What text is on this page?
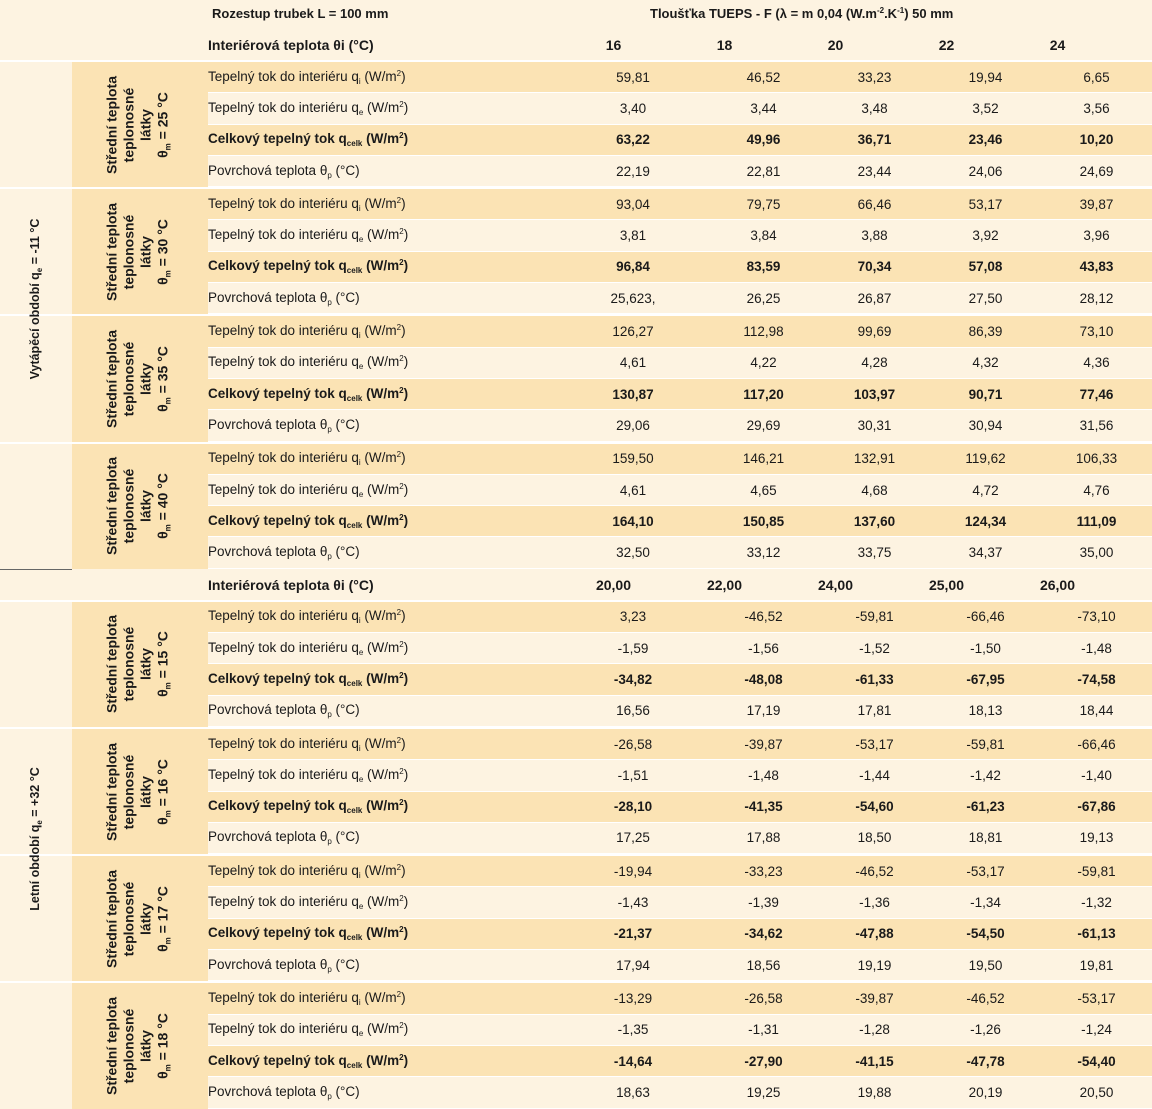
Rozestup trubek L = 100 mm	Tloušťka TUEPS - F (λ = m 0,04 $(W.m^{-2}.K^{-1})$ 50 mm
Vytápěcí období $q_e = -11$ °C
Interiérová teplota θi (°C)	16	18	20	22	24
Střední teplota teplonosné látky
$\theta_m = 25$ °C
Tepelný tok do interiéru $q_i$ $(W/m^2)$	59,81	46,52	33,23	19,94	6,65
Tepelný tok do interiéru $q_e$ $(W/m^2)$	3,40	3,44	3,48	3,52	3,56
Celkový tepelný tok $q_{celk}$ $(W/m^2)$	63,22	49,96	36,71	23,46	10,20
Povrchová teplota $\theta_p$ (°C)	22,19	22,81	23,44	24,06	24,69
Střední teplota teplonosné látky
$\theta_m = 30$ °C
Tepelný tok do interiéru $q_i$ $(W/m^2)$	93,04	79,75	66,46	53,17	39,87
Tepelný tok do interiéru $q_e$ $(W/m^2)$	3,81	3,84	3,88	3,92	3,96
Celkový tepelný tok $q_{celk}$ $(W/m^2)$	96,84	83,59	70,34	57,08	43,83
Povrchová teplota $\theta_p$ (°C)	25,623,	26,25	26,87	27,50	28,12
Střední teplota teplonosné látky
$\theta_m = 35$ °C
Tepelný tok do interiéru $q_i$ $(W/m^2)$	126,27	112,98	99,69	86,39	73,10
Tepelný tok do interiéru $q_e$ $(W/m^2)$	4,61	4,22	4,28	4,32	4,36
Celkový tepelný tok $q_{celk}$ $(W/m^2)$	130,87	117,20	103,97	90,71	77,46
Povrchová teplota $\theta_p$ (°C)	29,06	29,69	30,31	30,94	31,56
Střední teplota teplonosné látky
$\theta_m = 40$ °C
Tepelný tok do interiéru $q_i$ $(W/m^2)$	159,50	146,21	132,91	119,62	106,33
Tepelný tok do interiéru $q_e$ $(W/m^2)$	4,61	4,65	4,68	4,72	4,76
Celkový tepelný tok $q_{celk}$ $(W/m^2)$	164,10	150,85	137,60	124,34	111,09
Povrchová teplota $\theta_p$ (°C)	32,50	33,12	33,75	34,37	35,00
Letní období $q_e = +32$ °C
Interiérová teplota θi (°C)	20,00	22,00	24,00	25,00	26,00
Střední teplota teplonosné látky
$\theta_m = 15$ °C
Tepelný tok do interiéru $q_i$ $(W/m^2)$	3,23	-46,52	-59,81	-66,46	-73,10
Tepelný tok do interiéru $q_e$ $(W/m^2)$	-1,59	-1,56	-1,52	-1,50	-1,48
Celkový tepelný tok $q_{celk}$ $(W/m^2)$	-34,82	-48,08	-61,33	-67,95	-74,58
Povrchová teplota $\theta_p$ (°C)	16,56	17,19	17,81	18,13	18,44
Střední teplota teplonosné látky
$\theta_m = 16$ °C
Tepelný tok do interiéru $q_i$ $(W/m^2)$	-26,58	-39,87	-53,17	-59,81	-66,46
Tepelný tok do interiéru $q_e$ $(W/m^2)$	-1,51	-1,48	-1,44	-1,42	-1,40
Celkový tepelný tok $q_{celk}$ $(W/m^2)$	-28,10	-41,35	-54,60	-61,23	-67,86
Povrchová teplota $\theta_p$ (°C)	17,25	17,88	18,50	18,81	19,13
Střední teplota teplonosné látky
$\theta_m = 17$ °C
Tepelný tok do interiéru $q_i$ $(W/m^2)$	-19,94	-33,23	-46,52	-53,17	-59,81
Tepelný tok do interiéru $q_e$ $(W/m^2)$	-1,43	-1,39	-1,36	-1,34	-1,32
Celkový tepelný tok $q_{celk}$ $(W/m^2)$	-21,37	-34,62	-47,88	-54,50	-61,13
Povrchová teplota $\theta_p$ (°C)	17,94	18,56	19,19	19,50	19,81
Střední teplota teplonosné látky
$\theta_m = 18$ °C
Tepelný tok do interiéru $q_i$ $(W/m^2)$	-13,29	-26,58	-39,87	-46,52	-53,17
Tepelný tok do interiéru $q_e$ $(W/m^2)$	-1,35	-1,31	-1,28	-1,26	-1,24
Celkový tepelný tok $q_{celk}$ $(W/m^2)$	-14,64	-27,90	-41,15	-47,78	-54,40
Povrchová teplota $\theta_p$ (°C)	18,63	19,25	19,88	20,19	20,50
